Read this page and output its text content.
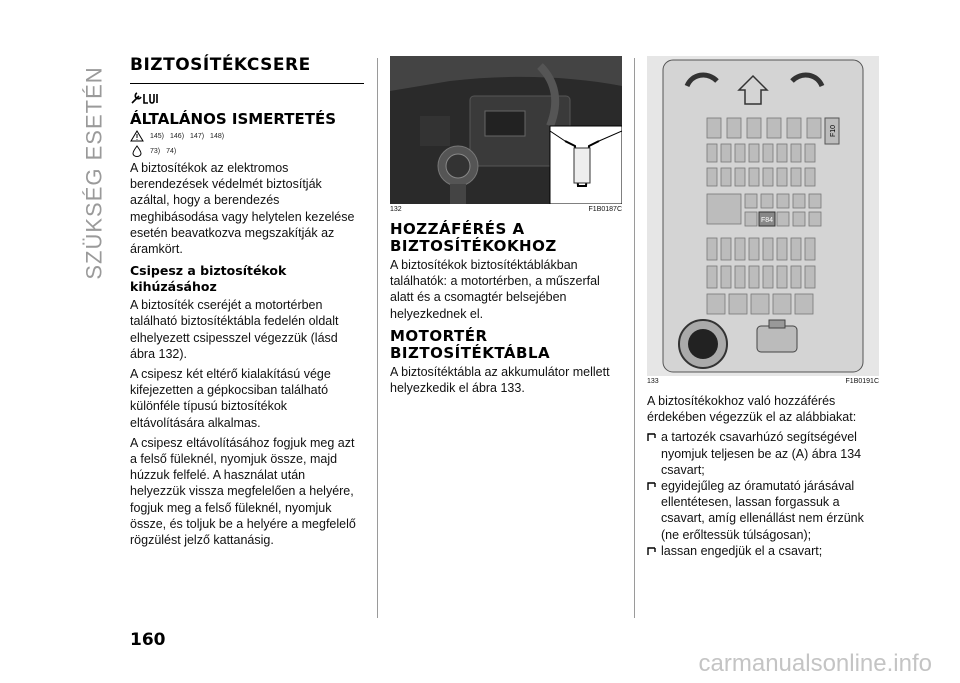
SZÜKSÉG ESETÉN
BIZTOSÍTÉKCSERE
ÁLTALÁNOS ISMERTETÉS
145) 146) 147) 148)
73) 74)

A biztosítékok az elektromos berendezések védelmét biztosítják azáltal, hogy a berendezés meghibásodása vagy helytelen kezelése esetén beavatkozva megszakítják az áramkört.

Csipesz a biztosítékok kihúzásához

A biztosíték cseréjét a motortérben található biztosítéktábla fedelén oldalt elhelyezett csipesszel végezzük (lásd ábra 132).

A csipesz két eltérő kialakítású vége kifejezetten a gépkocsiban található különféle típusú biztosítékok eltávolítására alkalmas.

A csipesz eltávolításához fogjuk meg azt a felső füleknél, nyomjuk össze, majd húzzuk felfelé. A használat után helyezzük vissza megfelelően a helyére, fogjuk meg a felső füleknél, nyomjuk össze, és toljuk be a helyére a megfelelő rögzülést jelző kattanásig.

132	F1B0187C
HOZZÁFÉRÉS A BIZTOSÍTÉKOKHOZ

A biztosítékok biztosítéktáblákban találhatók: a motortérben, a műszerfal alatt és a csomagtér belsejében helyezkednek el.

MOTORTÉR BIZTOSÍTÉKTÁBLA

A biztosítéktábla az akkumulátor mellett helyezkedik el ábra 133.

F84
F10
133	F1B0191C

A biztosítékokhoz való hozzáférés érdekében végezzük el az alábbiakat:

a tartozék csavarhúzó segítségével nyomjuk teljesen be az (A) ábra 134 csavart;
egyidejűleg az óramutató járásával ellentétesen, lassan forgassuk a csavart, amíg ellenállást nem érzünk (ne erőltessük túlságosan);
lassan engedjük el a csavart;
160
carmanualsonline.info
